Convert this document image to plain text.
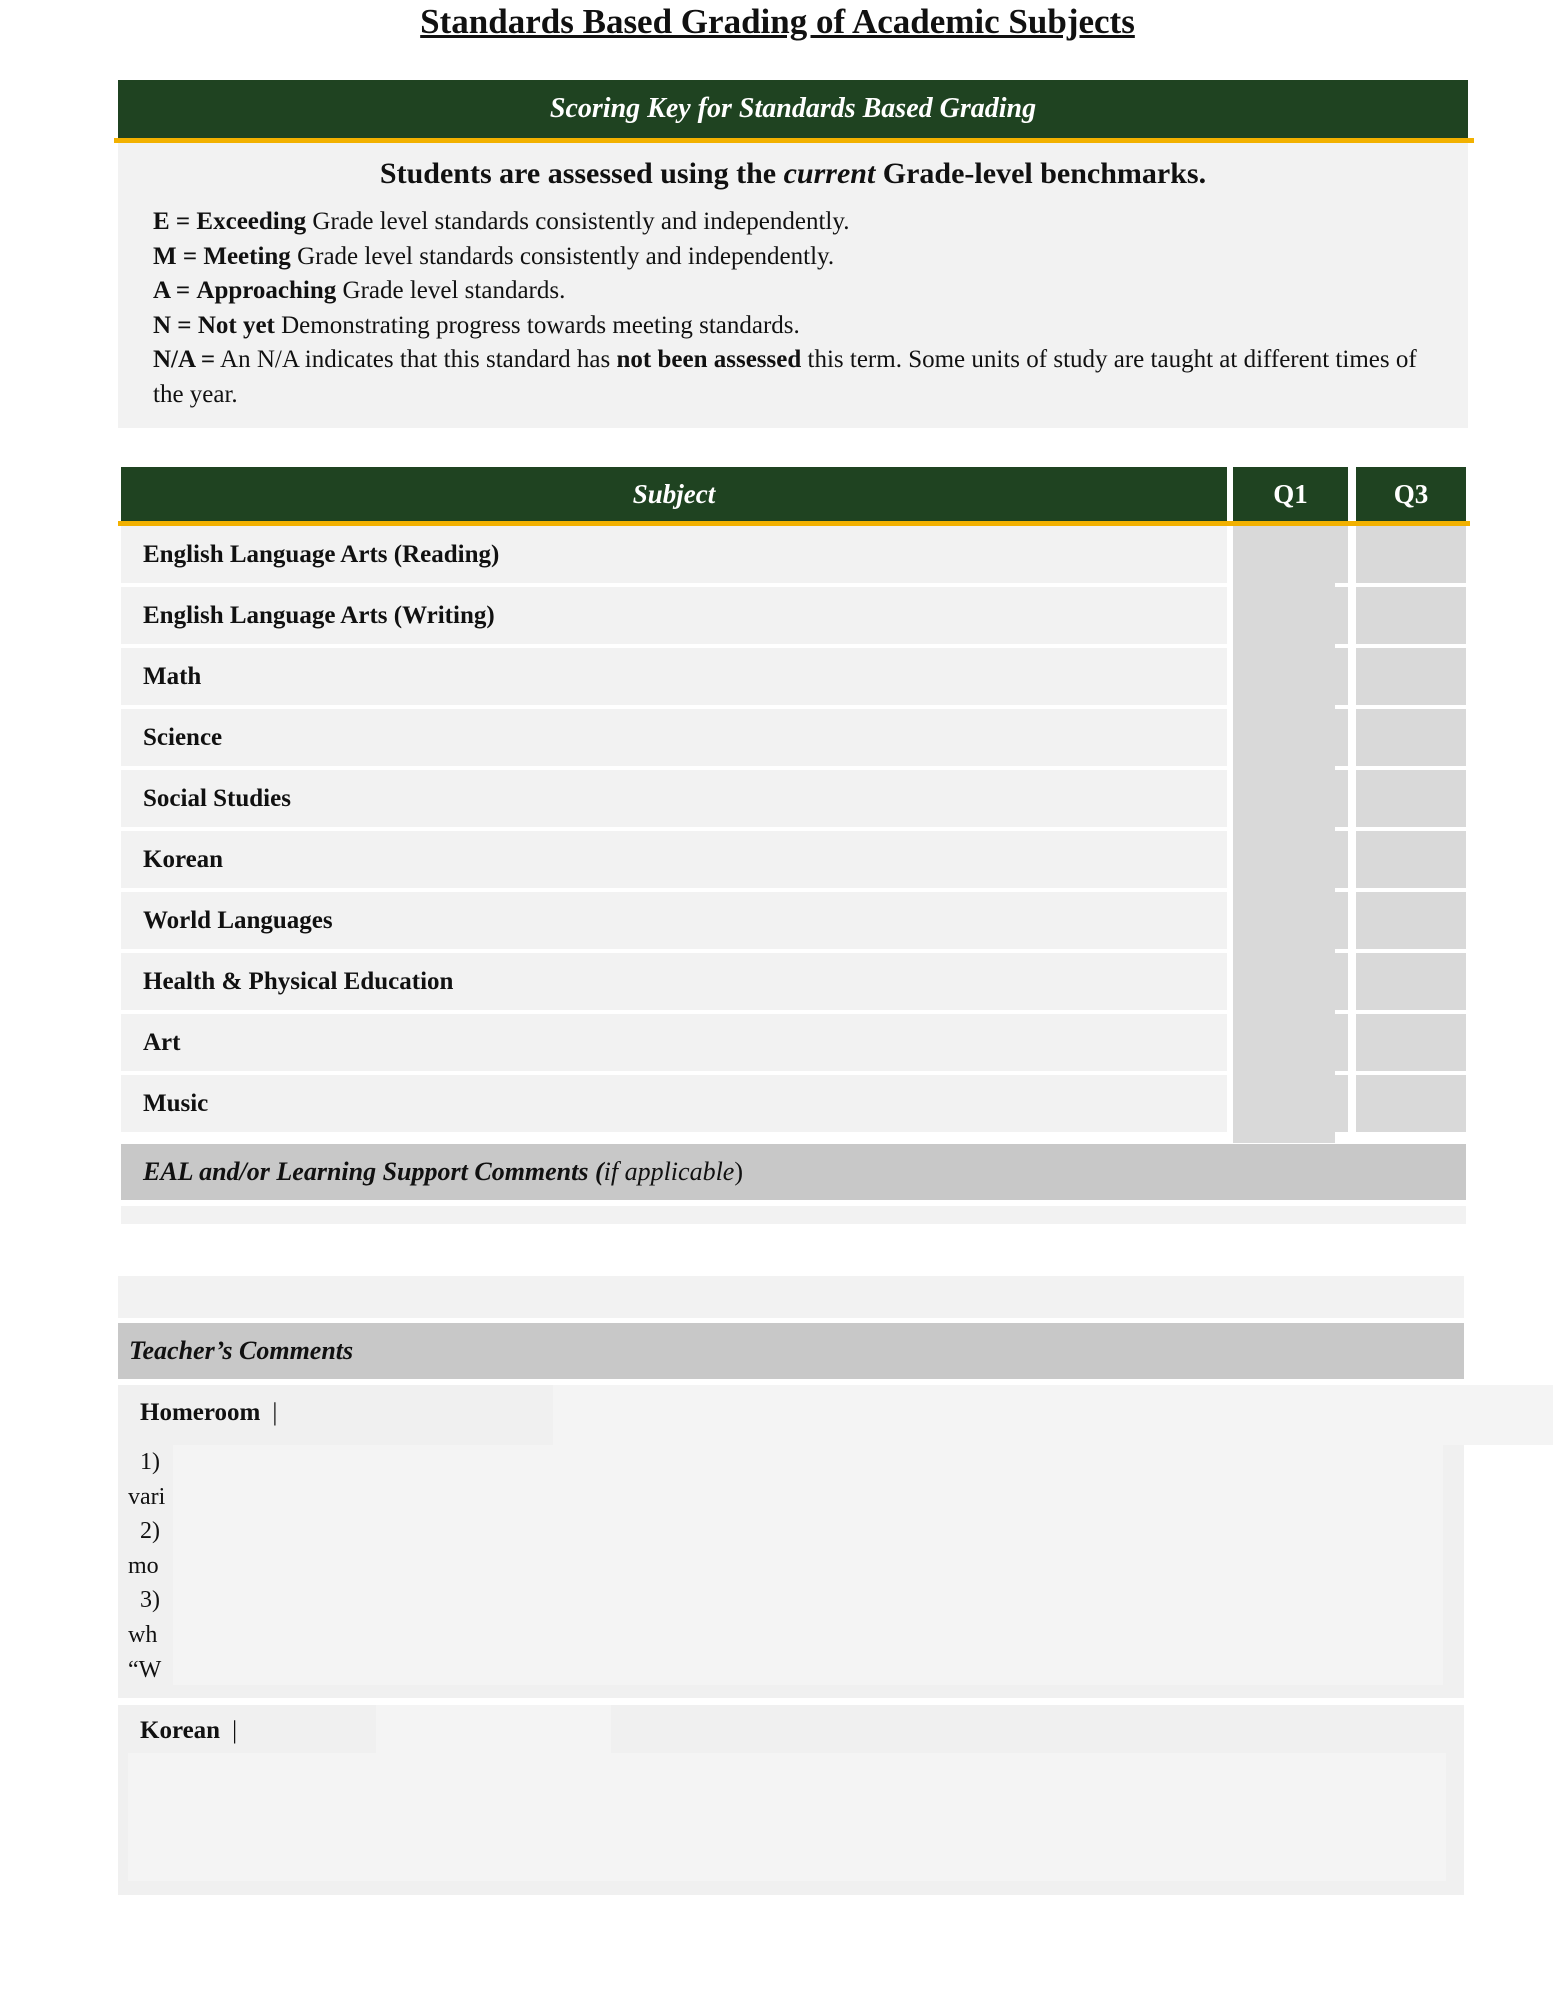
Standards Based Grading of Academic Subjects
Scoring Key for Standards Based Grading
Students are assessed using the current Grade-level benchmarks.
E = Exceeding Grade level standards consistently and independently.
M = Meeting Grade level standards consistently and independently.
A = Approaching Grade level standards.
N = Not yet Demonstrating progress towards meeting standards.
N/A = An N/A indicates that this standard has not been assessed this term. Some units of study are taught at different times of the year.
Subject	Q1	Q3
English Language Arts (Reading)
English Language Arts (Writing)
Math
Science
Social Studies
Korean
World Languages
Health & Physical Education
Art
Music
EAL and/or Learning Support Comments ( if applicable )
Teacher’s Comments
Homeroom |
1)
vari
2)
mo
3)
wh
“W
Korean |
